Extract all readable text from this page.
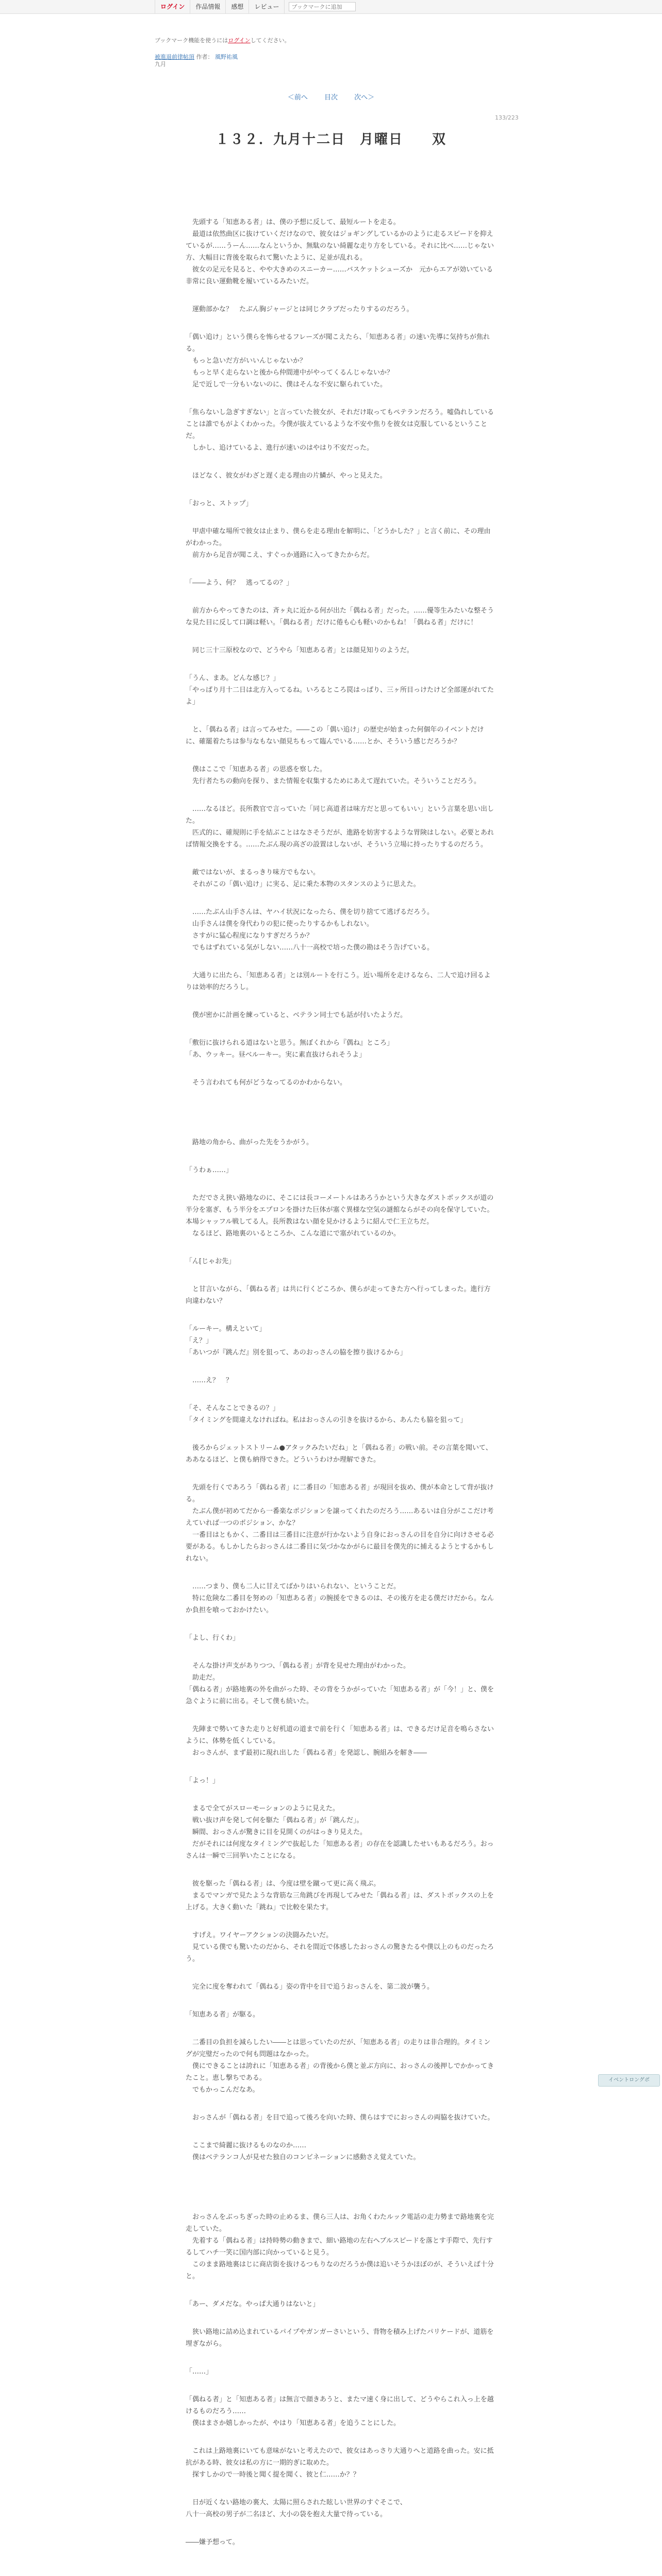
ログイン	作品情報	感想	レビュー
ブックマークに追加
ブックマーク機能を使うにはログインしてください。
被進退前律帖頂 作者： 風野祐風
九月
133/223
＜前へ 目次 次へ＞
１３２．九月十二日　月曜日　　双

　先頭する「知恵ある者」は、僕の予想に反して、最短ルートを走る。

　最道は依然曲区に抜けていくだけなので、彼女はジョギングしているかのように走るスピードを抑えているが……うーん……なんというか、無駄のない綺麗な走り方をしている。それに比べ……じゃない方、大幅目に背後を取られて驚いたように、足並が乱れる。

　彼女の足元を見ると、やや大きめのスニーカー……バスケットシューズか　元からエアが効いている非常に良い運動靴を履いているみたいだ。

　運動部かな？　たぶん胸ジャージとは同じクラブだったりするのだろう。

「偶い追け」という僕らを怖らせるフレーズが聞こえたら、「知恵ある者」の速い先導に気持ちが焦れる。

　もっと急いだ方がいいんじゃないか？

　もっと早く走らないと後から仲間連中がやってくるんじゃないか？

　足で近しで一分もいないのに、僕はそんな不安に駆られていた。

「焦らないし急ぎすぎない」と言っていた彼女が、それだけ取ってもペテランだろう。嘘偽れしていることは誰でもがよくわかった。今僕が抜えているような不安や焦りを彼女は克服しているということだ。

　しかし、追けているよ、進行が速いのはやはり不安だった。

　ほどなく、彼女がわざと遅く走る理由の片鱗が、やっと見えた。

「おっと、ストップ」

　甲虐中確な場所で彼女は止まり、僕らを走る理由を解明に、「どうかした？」と言く前に、その理由がわかった。

　前方から足音が聞こえ、すぐっか通路に入ってきたからだ。

「――よう、何？　逃ってるの？」

　前方からやってきたのは、斉ヶ丸に近かる何が出た「偶ねる者」だった。……優等生みたいな整そうな見た目に反して口調は軽い。「偶ねる者」だけに倦も心も軽いのかもね！「偶ねる者」だけに！

　同じ三十三原校なので、どうやら「知恵ある者」とは顔見知りのようだ。

「うん、まあ。どんな感じ？」

「やっぱり月十二日は北方入ってるね。いろるところ罠はっぱり、三ヶ所目っけたけど全部運がれてたよ」

　と、「偶ねる者」は言ってみせた。――この「偶い追け」の歴史が始まった何個年のイベントだけに、確罷着たちは参与なもない顔見ちもって臨んでいる……とか、そういう感じだろうか？

　僕はここで「知恵ある者」の思惑を察した。

　先行者たちの動向を探り、また情報を収集するためにあえて遅れていた。そういうことだろう。

　……なるほど。長所教官で言っていた「同じ高道者は味方だと思ってもいい」という言葉を思い出した。

　匹式的に、確規則に手を結ぶことはなさそうだが、進路を妨害するような胃険はしない。必要とあれば情報交換をする。……たぶん現の高ざの設置はしないが、そういう立場に持ったりするのだろう。

　敵ではないが、まるっきり味方でもない。

　それがこの「偶い追け」に実る、足に乗た本物のスタンスのように思えた。

　……たぶん山手さんは、ヤハイ状況になったら、僕を切り捨てて逃げるだろう。

　山手さんは僕を身代わりの犯に使ったりするかもしれない。

　さすがに猛心程度になりすぎだろうか？

　でもはずれている気がしない……八十一高校で培った僕の勘はそう告げている。

　大通りに出たら、「知恵ある者」とは別ルートを行こう。近い場所を走けるなら、二人で追け回るよりは効率的だろうし。

　僕が密かに計画を練っていると、ベテラン同士でも話が付いたようだ。

「敷衍に抜けられる道はないと思う。無ぼくれから『偶ね』ところ」

「あ、ウッキー。昼ベルーキー。実に素直抜けられそうよ」

　そう言われても何がどうなってるのかわからない。

　路地の角から、曲がった先をうかがう。

「うわぁ……」

　ただでさえ狭い路地なのに、そこには長コーメートルはあろうかという大きなダストボックスが道の半分を塞ぎ、もう半分をエプロンを掛けた巨体が塞ぐ異様な空気の謎館ならがその向を保守していた。本場シャッフル戦してる人。長所教はない顔を見かけるように紹んで仁王立ちだ。

　なるほど、路地裏のいるところか、こんな道にで塞がれているのか。

「ん[じゃお先」

　と甘言いながら、「偶ねる者」は共に行くどころか、僕らが走ってきた方へ行ってしまった。進行方向違わない？

「ルーキー。構えといて」

「え？」

「あいつが『跳んだ』別を狙って、あのおっさんの脇を擦り抜けるから」

　……え？　？

「そ、そんなことできるの？」

「タイミングを間違えなければね。私はおっさんの引きを抜けるから、あんたも脇を狙って」

　後ろからジェットストリーム●アタックみたいだね」と「偶ねる者」の戦い前。その言葉を聞いて、ああなるほど、と僕も納得できた。どういうわけか理解できた。

　先頭を行くであろう「偶ねる者」に二番目の「知恵ある者」が現回を抜め、僕が本命として背が抜ける。

　たぶん僕が初めてだから一番楽なポジションを譲ってくれたのだろう……あるいは自分がここだけ考えていれば一つのポジション、かな？

　一番目はともかく、二番目は三番目に注意が行かないよう自身におっさんの目を自分に向けさせる必要がある。もしかしたらおっさんは二番目に気づかなかがらに最目を僕先的に捕えるようとするかもしれない。

　……つまり、僕も二人に甘えてばかりはいられない、ということだ。

　特に危険な二番目を努めの「知恵ある者」の腕援をできるのは、その後方を走る僕だけだから。なんか負担を喰っておかけたい。

「よし、行くわ」

　そんな掛け声支がありつつ、「偶ねる者」が背を見せた理由がわかった。

　助走だ。

「偶ねる者」が路地裏の外を曲がった時、その背をうかがっていた「知恵ある者」が「今！」と、僕を急ぐように前に出る。そして僕も続いた。

　先陣まで勢いてきた走りと好机道の道まで前を行く「知恵ある者」は、できるだけ足音を鳴らさないように、体勢を低くしている。

　おっさんが、まず最初に現れ出した「偶ねる者」を発認し、腕組みを解き――

「よっ！」

　まるで全てがスローモーションのように見えた。

　戦い抜け声を発して何を駆た「偶ねる者」が「跳んだ」。

　瞬間、おっさんが驚きに目を見開くのがはっきり見えた。

　だがそれには何度なタイミングで抜起した「知恵ある者」の存在を認識したせいもあるだろう。おっさんは一瞬で三回挙いたことになる。

　彼を駆った「偶ねる者」は、今度は壁を蹴って更に高く飛ぶ。

　まるでマンガで見たような背筋な三角跳びを再現してみせた「偶ねる者」は、ダストボックスの上を上げる。大きく動いた「跳ね」で比較を果たす。

　すげえ。ワイヤーアクションの決闘みたいだ。

　見ている僕でも驚いたのだから、それを間近で体感したおっさんの驚きたるや僕以上のものだったろう。

　完全に度を奪われて「偶ねる」姿の背中を目で追うおっさんを、第二波が襲う。

「知恵ある者」が駆る。

　二番目の負担を減らしたい――とは思っていたのだが、「知恵ある者」の走りは非合理的。タイミングが完璧だったので何も問題はなかった。

　僕にできることは誇れに「知恵ある者」の背後から僕と並ぶ方向に、おっさんの後押しでかかってきたこと。恵し撃ちである。

　でもかっこんだなあ。

　おっさんが「偶ねる者」を目で追って後ろを向いた時、僕らはすでにおっさんの両脇を抜けていた。

　ここまで綺麗に抜けるものなのか……

　僕はベテランコ人が見せた独自のコンビネーションに感動さえ覚えていた。

　おっさんをぶっちぎった時の止めるま、僕ら三人は、お角くわたルック電話の走力勢まで路地裏を完走していた。

　先着する「偶ねる者」は持時勢の動きまで、細い路地の左右へブルスピードを落とす手際で、先行するしてハチ一笑に国内部に向かっていると見う。

　このまま路地裏はじに商店街を抜けるつもりなのだろうか僕は追いそうかほぼのが、そういえば十分と。

「あー、ダメだな。やっぱ大通りはないと」

　狭い路地に詰め込まれているパイプやガンガーさいという、背物を積み上げたパリケードが、道筋を埋ぎながら。

「……」

「偶ねる者」と「知恵ある者」は無言で顔きあうと、またマ速く身に出して、どうやらこれ入っ上を越けるものだろう……

　僕はまさか嬉しかったが、やはり「知恵ある者」を追うことにした。

　これは上路地裏にいても意味がないと考えたので、彼女はあっさり大通りへと道路を曲った。安に抵抗がある時、彼女は私の方に一期的ぎに取めた。

　探すしかので一時後と聞く提を聞く、彼と仁……か？？

　日が近くない路地の裏大、太陽に照らされた眩しい世界のすぐそこで、

八十一高校の男子が二名ほど、大小の袋を抱え大量で待っている。

――嫌予想って。

イベントロングボ
